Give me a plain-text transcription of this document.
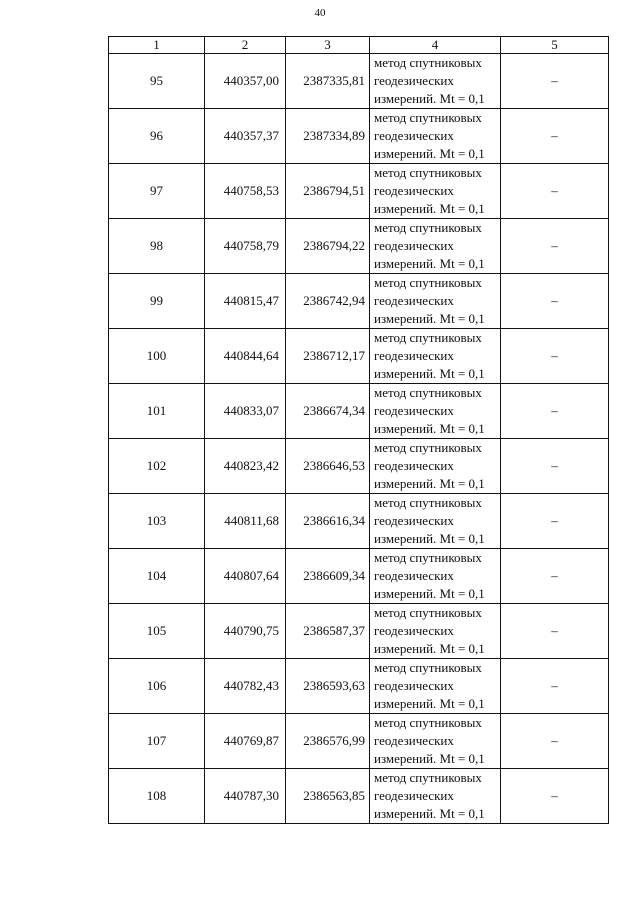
40
1	2	3	4	5
95	440357,00	2387335,81	метод спутниковых
геодезических
измерений. Mt = 0,1	–
96	440357,37	2387334,89	метод спутниковых
геодезических
измерений. Mt = 0,1	–
97	440758,53	2386794,51	метод спутниковых
геодезических
измерений. Mt = 0,1	–
98	440758,79	2386794,22	метод спутниковых
геодезических
измерений. Mt = 0,1	–
99	440815,47	2386742,94	метод спутниковых
геодезических
измерений. Mt = 0,1	–
100	440844,64	2386712,17	метод спутниковых
геодезических
измерений. Mt = 0,1	–
101	440833,07	2386674,34	метод спутниковых
геодезических
измерений. Mt = 0,1	–
102	440823,42	2386646,53	метод спутниковых
геодезических
измерений. Mt = 0,1	–
103	440811,68	2386616,34	метод спутниковых
геодезических
измерений. Mt = 0,1	–
104	440807,64	2386609,34	метод спутниковых
геодезических
измерений. Mt = 0,1	–
105	440790,75	2386587,37	метод спутниковых
геодезических
измерений. Mt = 0,1	–
106	440782,43	2386593,63	метод спутниковых
геодезических
измерений. Mt = 0,1	–
107	440769,87	2386576,99	метод спутниковых
геодезических
измерений. Mt = 0,1	–
108	440787,30	2386563,85	метод спутниковых
геодезических
измерений. Mt = 0,1	–
